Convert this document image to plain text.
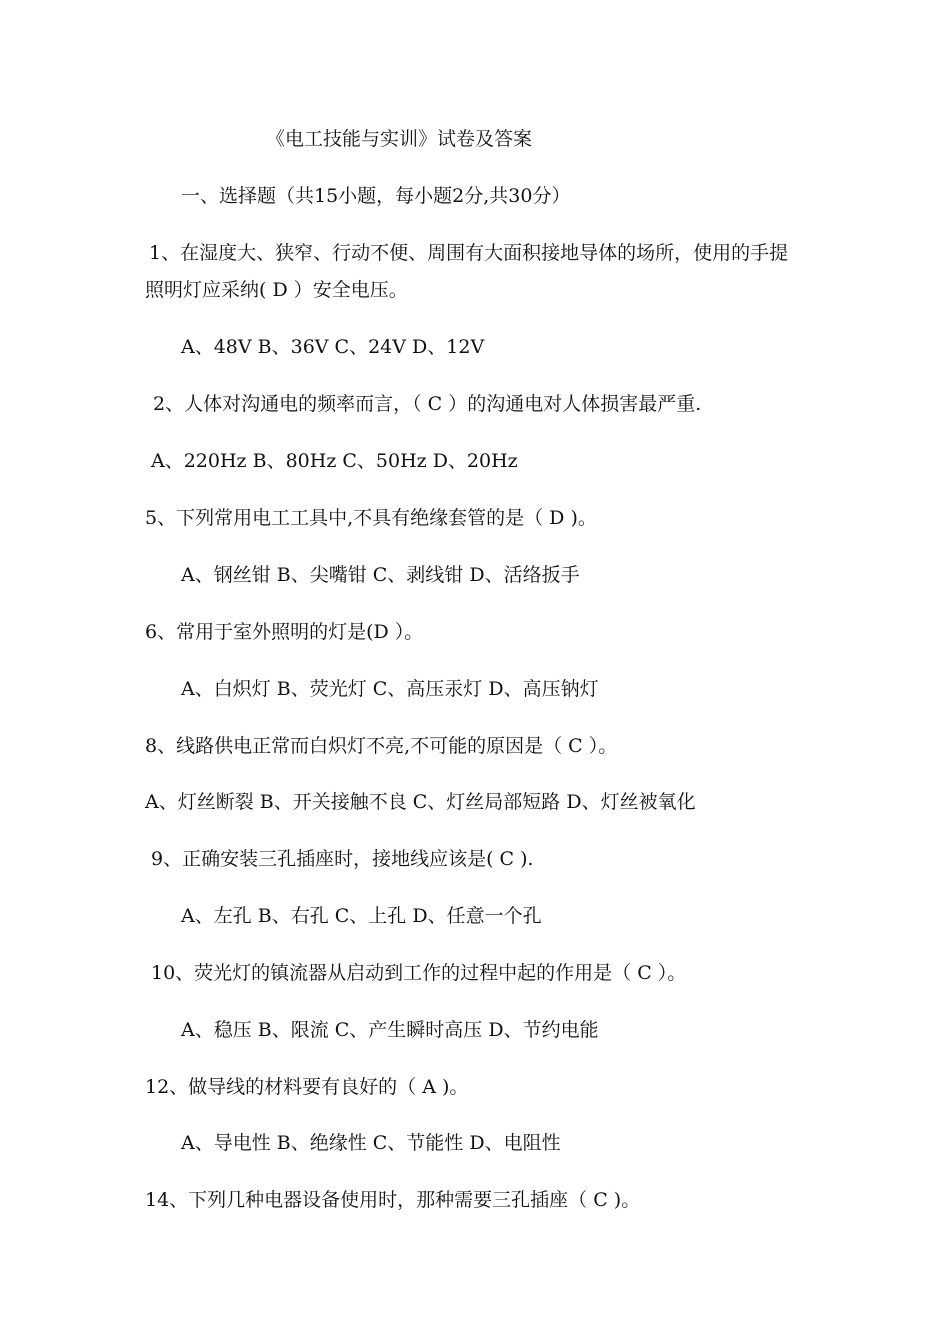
《电工技能与实训》试卷及答案
一、选择题（共15小题，每小题2分,共30分）
1、在湿度大、狭窄、行动不便、周围有大面积接地导体的场所，使用的手提
照明灯应采纳( D ）安全电压。
A、48V B、36V C、24V D、12V
2、人体对沟通电的频率而言，（ C ）的沟通电对人体损害最严重.
A、220Hz B、80Hz C、50Hz D、20Hz
5、下列常用电工工具中,不具有绝缘套管的是（ D )。
A、钢丝钳 B、尖嘴钳 C、剥线钳 D、活络扳手
6、常用于室外照明的灯是(D ）。
A、白炽灯 B、荧光灯 C、高压汞灯 D、高压钠灯
8、线路供电正常而白炽灯不亮,不可能的原因是（ C ）。
A、灯丝断裂 B、开关接触不良 C、灯丝局部短路 D、灯丝被氧化
9、正确安装三孔插座时，接地线应该是( C ).
A、左孔 B、右孔 C、上孔 D、任意一个孔
10、荧光灯的镇流器从启动到工作的过程中起的作用是（ C ）。
A、稳压 B、限流 C、产生瞬时高压 D、节约电能
12、做导线的材料要有良好的（ A )。
A、导电性 B、绝缘性 C、节能性 D、电阻性
14、下列几种电器设备使用时，那种需要三孔插座（ C )。
